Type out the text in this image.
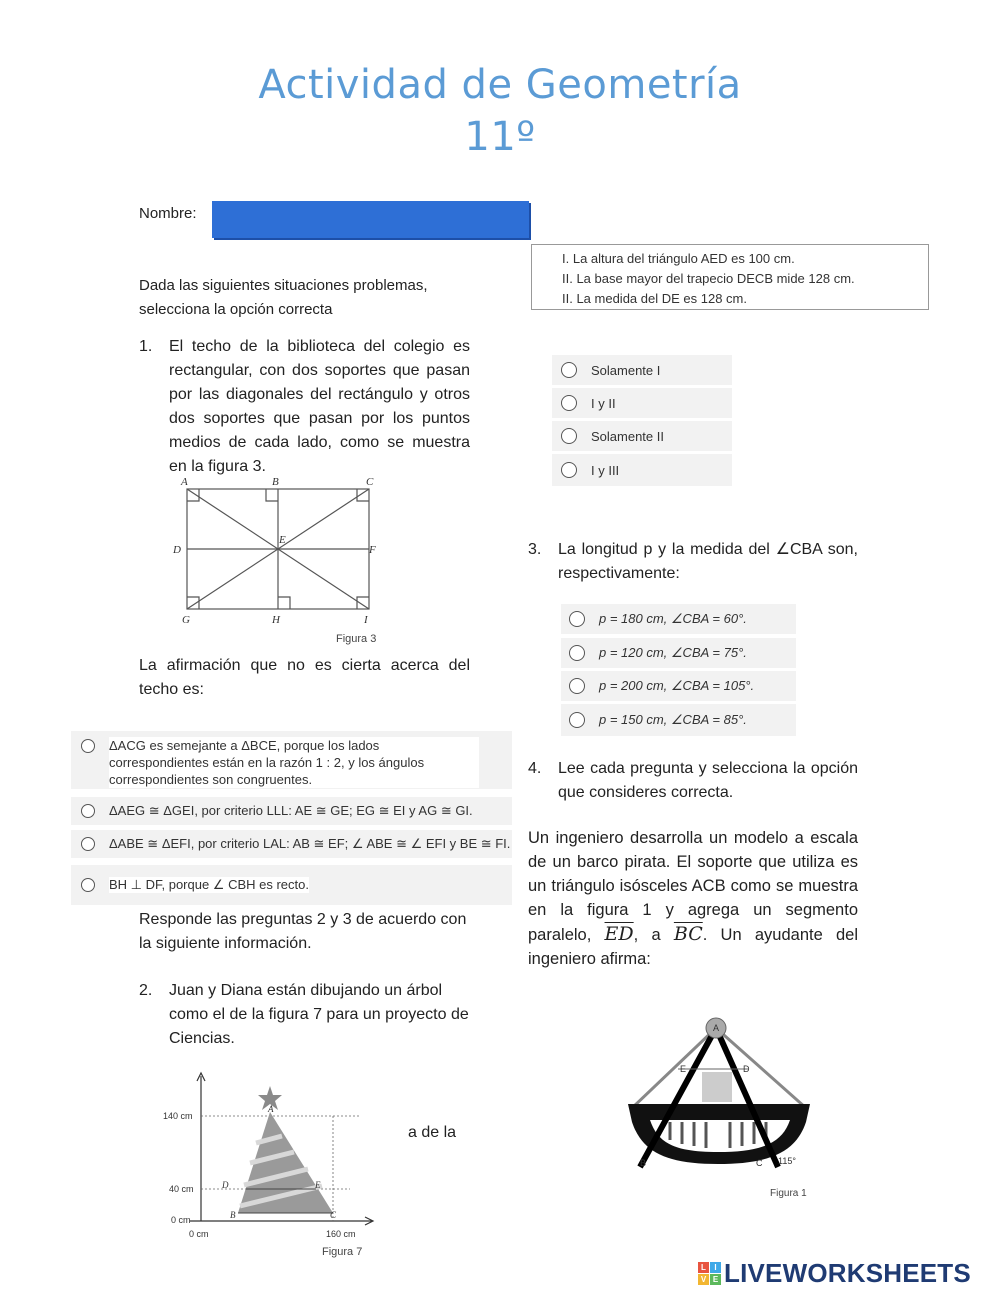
Actividad de Geometría
11º
Nombre:
Dada las siguientes situaciones problemas, selecciona la opción correcta
1.	El techo de la biblioteca del colegio es rectangular, con dos soportes que pasan por las diagonales del rectángulo y otros dos soportes que pasan por los puntos medios de cada lado, como se muestra en la figura 3.
A	B	C
D
E
F
G	H	I
Figura 3
La afirmación que no es cierta acerca del techo es:
ΔACG es semejante a ΔBCE, porque los lados correspondientes están en la razón 1 : 2, y los ángulos correspondientes son congruentes.
ΔAEG ≅ ΔGEI, por criterio LLL: AE ≅ GE; EG ≅ EI y AG ≅ GI.
ΔABE ≅ ΔEFI, por criterio LAL: AB ≅ EF; ∠ ABE ≅ ∠ EFI y BE ≅ FI.
BH ⊥ DF, porque ∠ CBH es recto.
Responde las preguntas 2 y 3 de acuerdo con la siguiente información.
2.	Juan y Diana están dibujando un árbol como el de la figura 7 para un proyecto de Ciencias.
a de la
140 cm
40 cm
0 cm
0 cm	160 cm
A
B	C
D	E
Figura 7
I. La altura del triángulo AED es 100 cm.
II. La base mayor del trapecio DECB mide 128 cm.
II. La medida del DE es 128 cm.
Solamente I
I y II
Solamente II
I y III
3.	La longitud p y la medida del ∠CBA son, respectivamente:
p = 180 cm, ∠CBA = 60°.
p = 120 cm, ∠CBA = 75°.
p = 200 cm, ∠CBA = 105°.
p = 150 cm, ∠CBA = 85°.
4.	Lee cada pregunta y selecciona la opción que consideres correcta.
Un ingeniero desarrolla un modelo a escala de un barco pirata. El soporte que utiliza es un triángulo isósceles ACB como se muestra en la figura 1 y agrega un segmento paralelo, $\overline{ED}$, a $\overline{BC}$. Un ayudante del ingeniero afirma:
A
E	D
B	C 115°
Figura 1
L	I
V E LIVEWORKSHEETS
